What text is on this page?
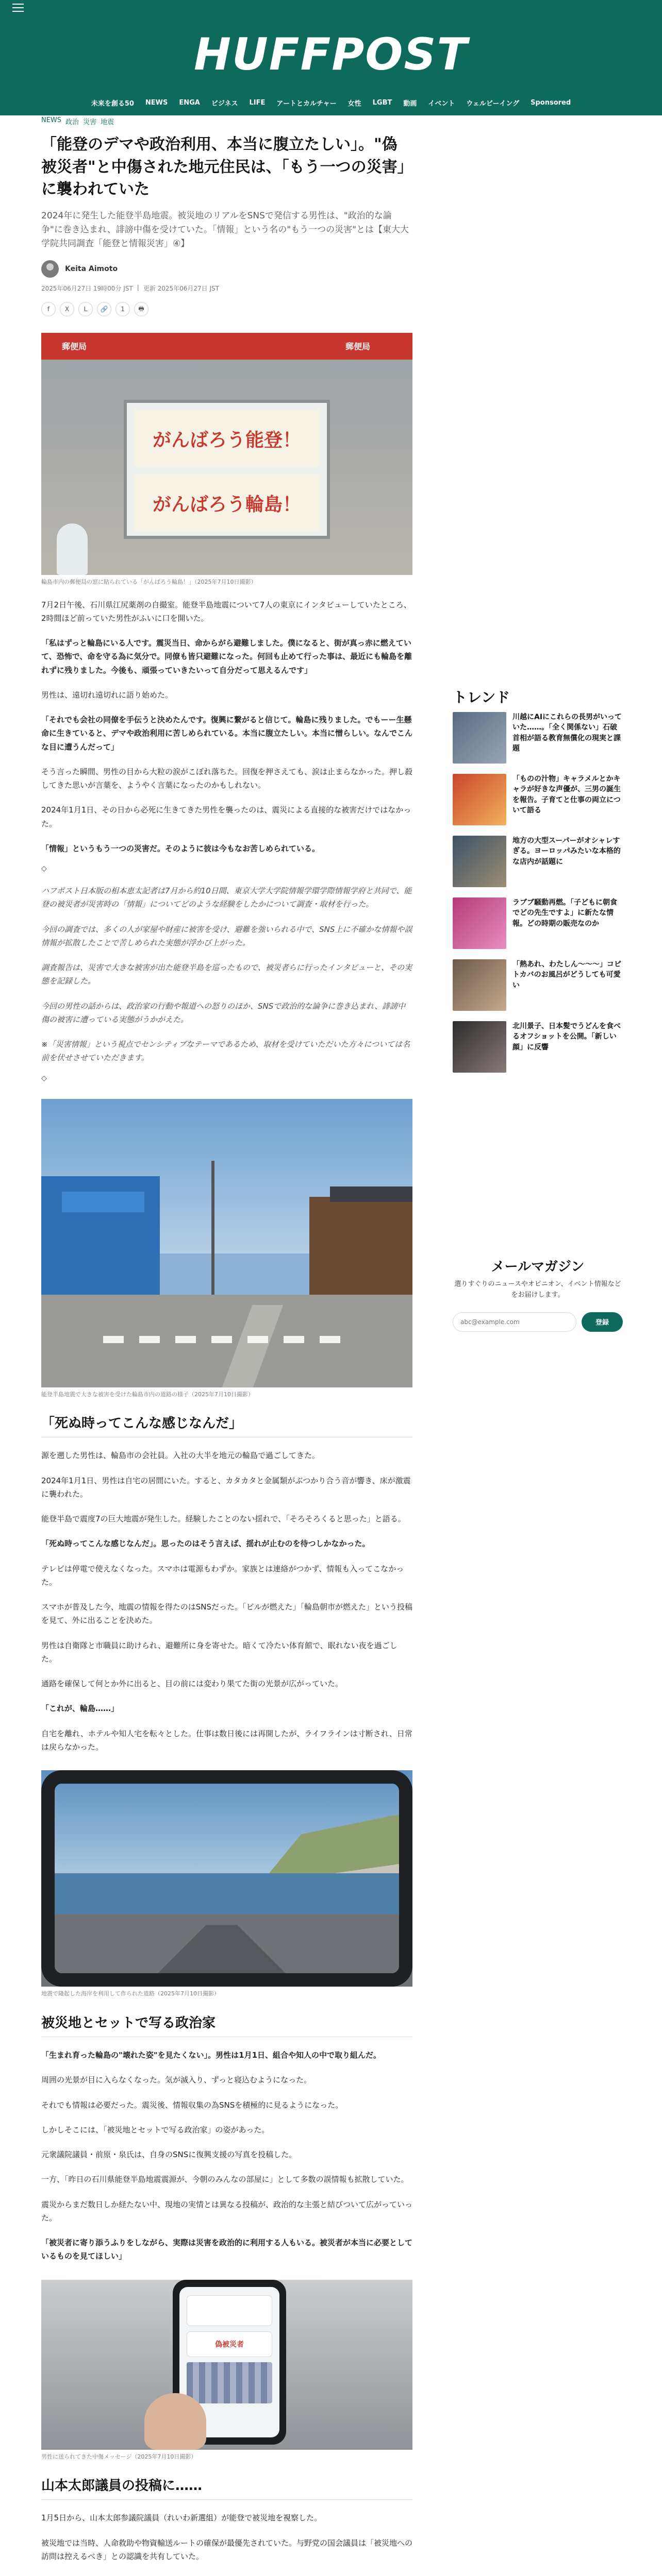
HUFFPOST
未来を創る50 NEWS ENGA ビジネス LIFE アートとカルチャー 女性 LGBT 動画 イベント ウェルビーイング Sponsored
NEWS 政治 災害 地震
「能登のデマや政治利用、本当に腹立たしい」。"偽被災者"と中傷された地元住民は、「もう一つの災害」に襲われていた

2024年に発生した能登半島地震。被災地のリアルをSNSで発信する男性は、"政治的な論争"に巻き込まれ、誹謗中傷を受けていた。「情報」という名の"もう一つの災害"とは【東大大学院共同調査「能登と情報災害」④】

Keita Aimoto
2025年06月27日 19時00分 JST | 更新 2025年06月27日 JST
f	X	L	🔗	1	🖶
郵便局	郵便局
がんばろう能登！
がんばろう輪島！
輪島市内の郵便局の窓に貼られている「がんばろう輪島！」（2025年7月10日撮影）

7月2日午後、石川県江尻薬剤の自撮室。能登半島地震について7人の東京にインタビューしていたところ、2時間ほど前っていた男性がふいに口を開いた。

「私はずっと輪島にいる人です。震災当日、命からがら避難しました。僕になると、街が真っ赤に燃えていて、恐怖で、命を守る為に気分で。同僚も皆只避難になった。何回も止めて行った事は、最近にも輪島を離れずに残りました。今後も、頑張っていきたいって自分だって思えるんです」

男性は、遠切れ遠切れに語り始めた。

「それでも会社の同僚を手伝うと決めたんです。復興に繋がると信じて。輪島に残りました。でもーー生懸命に生きていると、デマや政治利用に苦しめられている。本当に腹立たしい。本当に憎らしい。なんでこんな目に遭うんだって」

そう言った瞬間、男性の目から大粒の涙がこぼれ落ちた。回復を押さえても、涙は止まらなかった。押し殺してきた思いが言葉を、ようやく言葉になったのかもしれない。

2024年1月1日、その日から必死に生きてきた男性を襲ったのは、震災による直接的な被害だけではなかった。

「情報」というもう一つの災害だ。そのように彼は今もなお苦しめられている。

◇

ハフポスト日本版の相本恵太記者は7月から約10日間、東京大学大学院情報学環学際情報学府と共同で、能登の被災者が災害時の「情報」についてどのような経験をしたかについて調査・取材を行った。

今回の調査では、多くの人が家屋や財産に被害を受け、避難を強いられる中で、SNS上に不確かな情報や誤情報が拡散したことで苦しめられた実態が浮かび上がった。

調査報告は、災害で大きな被害が出た能登半島を巡ったもので、被災者らに行ったインタビューと、その実態を記録した。

今回の男性の話からは、政治家の行動や報道への怒りのほか、SNSで政治的な論争に巻き込まれ、誹謗中傷の被害に遭っている実態がうかがえた。

※「災害情報」という視点でセンシティブなテーマであるため、取材を受けていただいた方々については名前を伏せさせていただきます。

◇
能登半島地震で大きな被害を受けた輪島市内の道路の様子（2025年7月10日撮影）
「死ぬ時ってこんな感じなんだ」

源を遡した男性は、輪島市の会社員。入社の大半を地元の輪島で過ごしてきた。

2024年1月1日、男性は自宅の居間にいた。すると、カタカタと金属類がぶつかり合う音が響き、床が激震に襲われた。

能登半島で震度7の巨大地震が発生した。経験したことのない揺れで、「そろそろくると思った」と語る。

「死ぬ時ってこんな感じなんだ」。思ったのはそう言えば、揺れが止むのを待つしかなかった。

テレビは停電で使えなくなった。スマホは電源もわずか。家族とは連絡がつかず、情報も入ってこなかった。

スマホが普及した今、地震の情報を得たのはSNSだった。「ビルが燃えた」「輪島朝市が燃えた」という投稿を見て、外に出ることを決めた。

男性は自衛隊と市職員に助けられ、避難所に身を寄せた。暗くて冷たい体育館で、眠れない夜を過ごした。

通路を確保して何とか外に出ると、目の前には変わり果てた街の光景が広がっていた。

「これが、輪島……」

自宅を離れ、ホテルや知人宅を転々とした。仕事は数日後には再開したが、ライフラインは寸断され、日常は戻らなかった。

地震で隆起した海岸を利用して作られた道路（2025年7月10日撮影）
被災地とセットで写る政治家

「生まれ育った輪島の"壊れた姿"を見たくない」。男性は1月1日、組合や知人の中で取り組んだ。

周囲の光景が目に入らなくなった。気が滅入り、ずっと寝込むようになった。

それでも情報は必要だった。震災後、情報収集の為SNSを積極的に見るようになった。

しかしそこには、「被災地とセットで写る政治家」の姿があった。

元衆議院議員・前原・泉氏は、自身のSNSに復興支援の写真を投稿した。

一方、「昨日の石川県能登半島地震震源が、今朝のみんなの部屋に」として多数の誤情報も拡散していた。

震災からまだ数日しか経たない中、現地の実情とは異なる投稿が、政治的な主張と結びついて広がっていった。

「被災者に寄り添うふりをしながら、実際は災害を政治的に利用する人もいる。被災者が本当に必要としているものを見てほしい」

偽被災者
男性に送られてきた中傷メッセージ（2025年7月10日撮影）
山本太郎議員の投稿に……

1月5日から、山本太郎参議院議員（れいわ新選組）が能登で被災地を視察した。

被災地では当時、人命救助や物資輸送ルートの確保が最優先されていた。与野党の国会議員は「被災地への訪問は控えるべき」との認識を共有していた。

トレンド
川越にAIにこれらの長男がいっていた……。「全く関係ない」石破首相が語る教育無償化の現実と課題
「ものの汁物」キャラメルとかキャラが好きな声優が、三男の誕生を報告。子育てと仕事の両立について語る
地方の大型スーパーがオシャレすぎる。ヨーロッパみたいな本格的な店内が話題に
ラブブ騒動再燃。「子どもに朝食でどの先生ですよ」に新たな情報。どの時期の販売なのか
「熱あれ、わたしん〜〜〜」コピトカバのお風呂がどうしても可愛い
北川景子、日本髪でうどんを食べるオフショットを公開。「新しい顔」に反響
メールマガジン
選りすぐりのニュースやオピニオン、イベント情報などをお届けします。
abc@example.com
登録
